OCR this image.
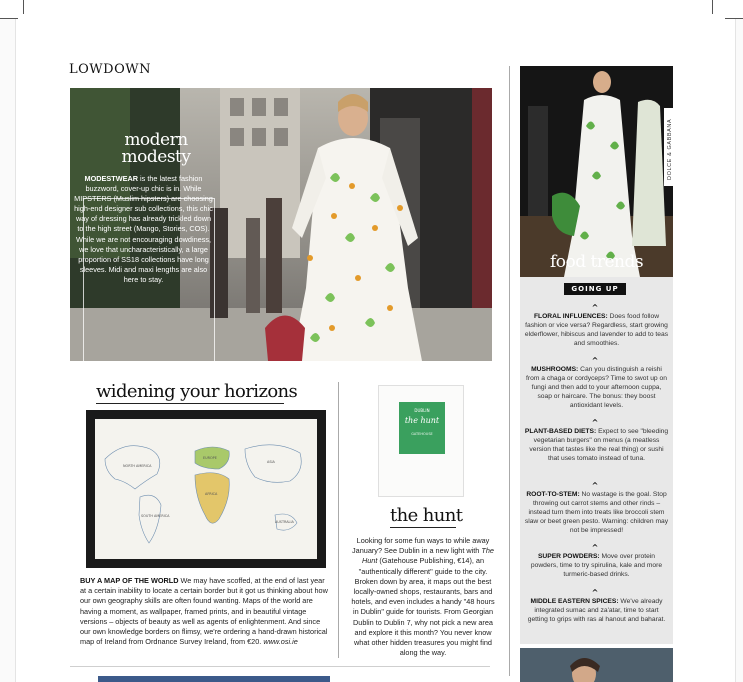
LOWDOWN
modern
modesty
MODESTWEAR is the latest fashion buzzword, cover-up chic is in. While MIPSTERS (Muslim hipsters) are choosing high-end designer sub collections, this chic way of dressing has already trickled down to the high street (Mango, Stories, COS). While we are not encouraging dowdiness, we love that uncharacteristically, a large proportion of SS18 collections have long sleeves. Midi and maxi lengths are also here to stay.
widening your horizons
NORTH AMERICA
SOUTH AMERICA
EUROPE
AFRICA
ASIA
AUSTRALIA
BUY A MAP OF THE WORLD We may have scoffed, at the end of last year at a certain inability to locate a certain border but it got us thinking about how our own geography skills are often found wanting. Maps of the world are having a moment, as wallpaper, framed prints, and in beautiful vintage versions – objects of beauty as well as agents of enlightenment. And since our own knowledge borders on flimsy, we're ordering a hand-drawn historical map of Ireland from Ordnance Survey Ireland, from €20. www.osi.ie
DUBLIN
the hunt
GATEHOUSE
the hunt
Looking for some fun ways to while away January? See Dublin in a new light with The Hunt (Gatehouse Publishing, €14), an "authentically different" guide to the city. Broken down by area, it maps out the best locally-owned shops, restaurants, bars and hotels, and even includes a handy "48 hours in Dublin" guide for tourists. From Georgian Dublin to Dublin 7, why not pick a new area and explore it this month? You never know what other hidden treasures you might find along the way.
DOLCE & GABBANA
food trends
GOING UP
^
FLORAL INFLUENCES: Does food follow fashion or vice versa? Regardless, start growing elderflower, hibiscus and lavender to add to teas and smoothies.
^
MUSHROOMS: Can you distinguish a reishi from a chaga or cordyceps? Time to swot up on fungi and then add to your afternoon cuppa, soap or haircare. The bonus: they boost antioxidant levels.
^
PLANT-BASED DIETS: Expect to see "bleeding vegetarian burgers" on menus (a meatless version that tastes like the real thing) or sushi that uses tomato instead of tuna.
^
ROOT-TO-STEM: No wastage is the goal. Stop throwing out carrot stems and other rinds – instead turn them into treats like broccoli stem slaw or beet green pesto. Warning: children may not be impressed!
^
SUPER POWDERS: Move over protein powders, time to try spirulina, kale and more turmeric-based drinks.
^
MIDDLE EASTERN SPICES: We've already integrated sumac and za'atar, time to start getting to grips with ras al hanout and baharat.
